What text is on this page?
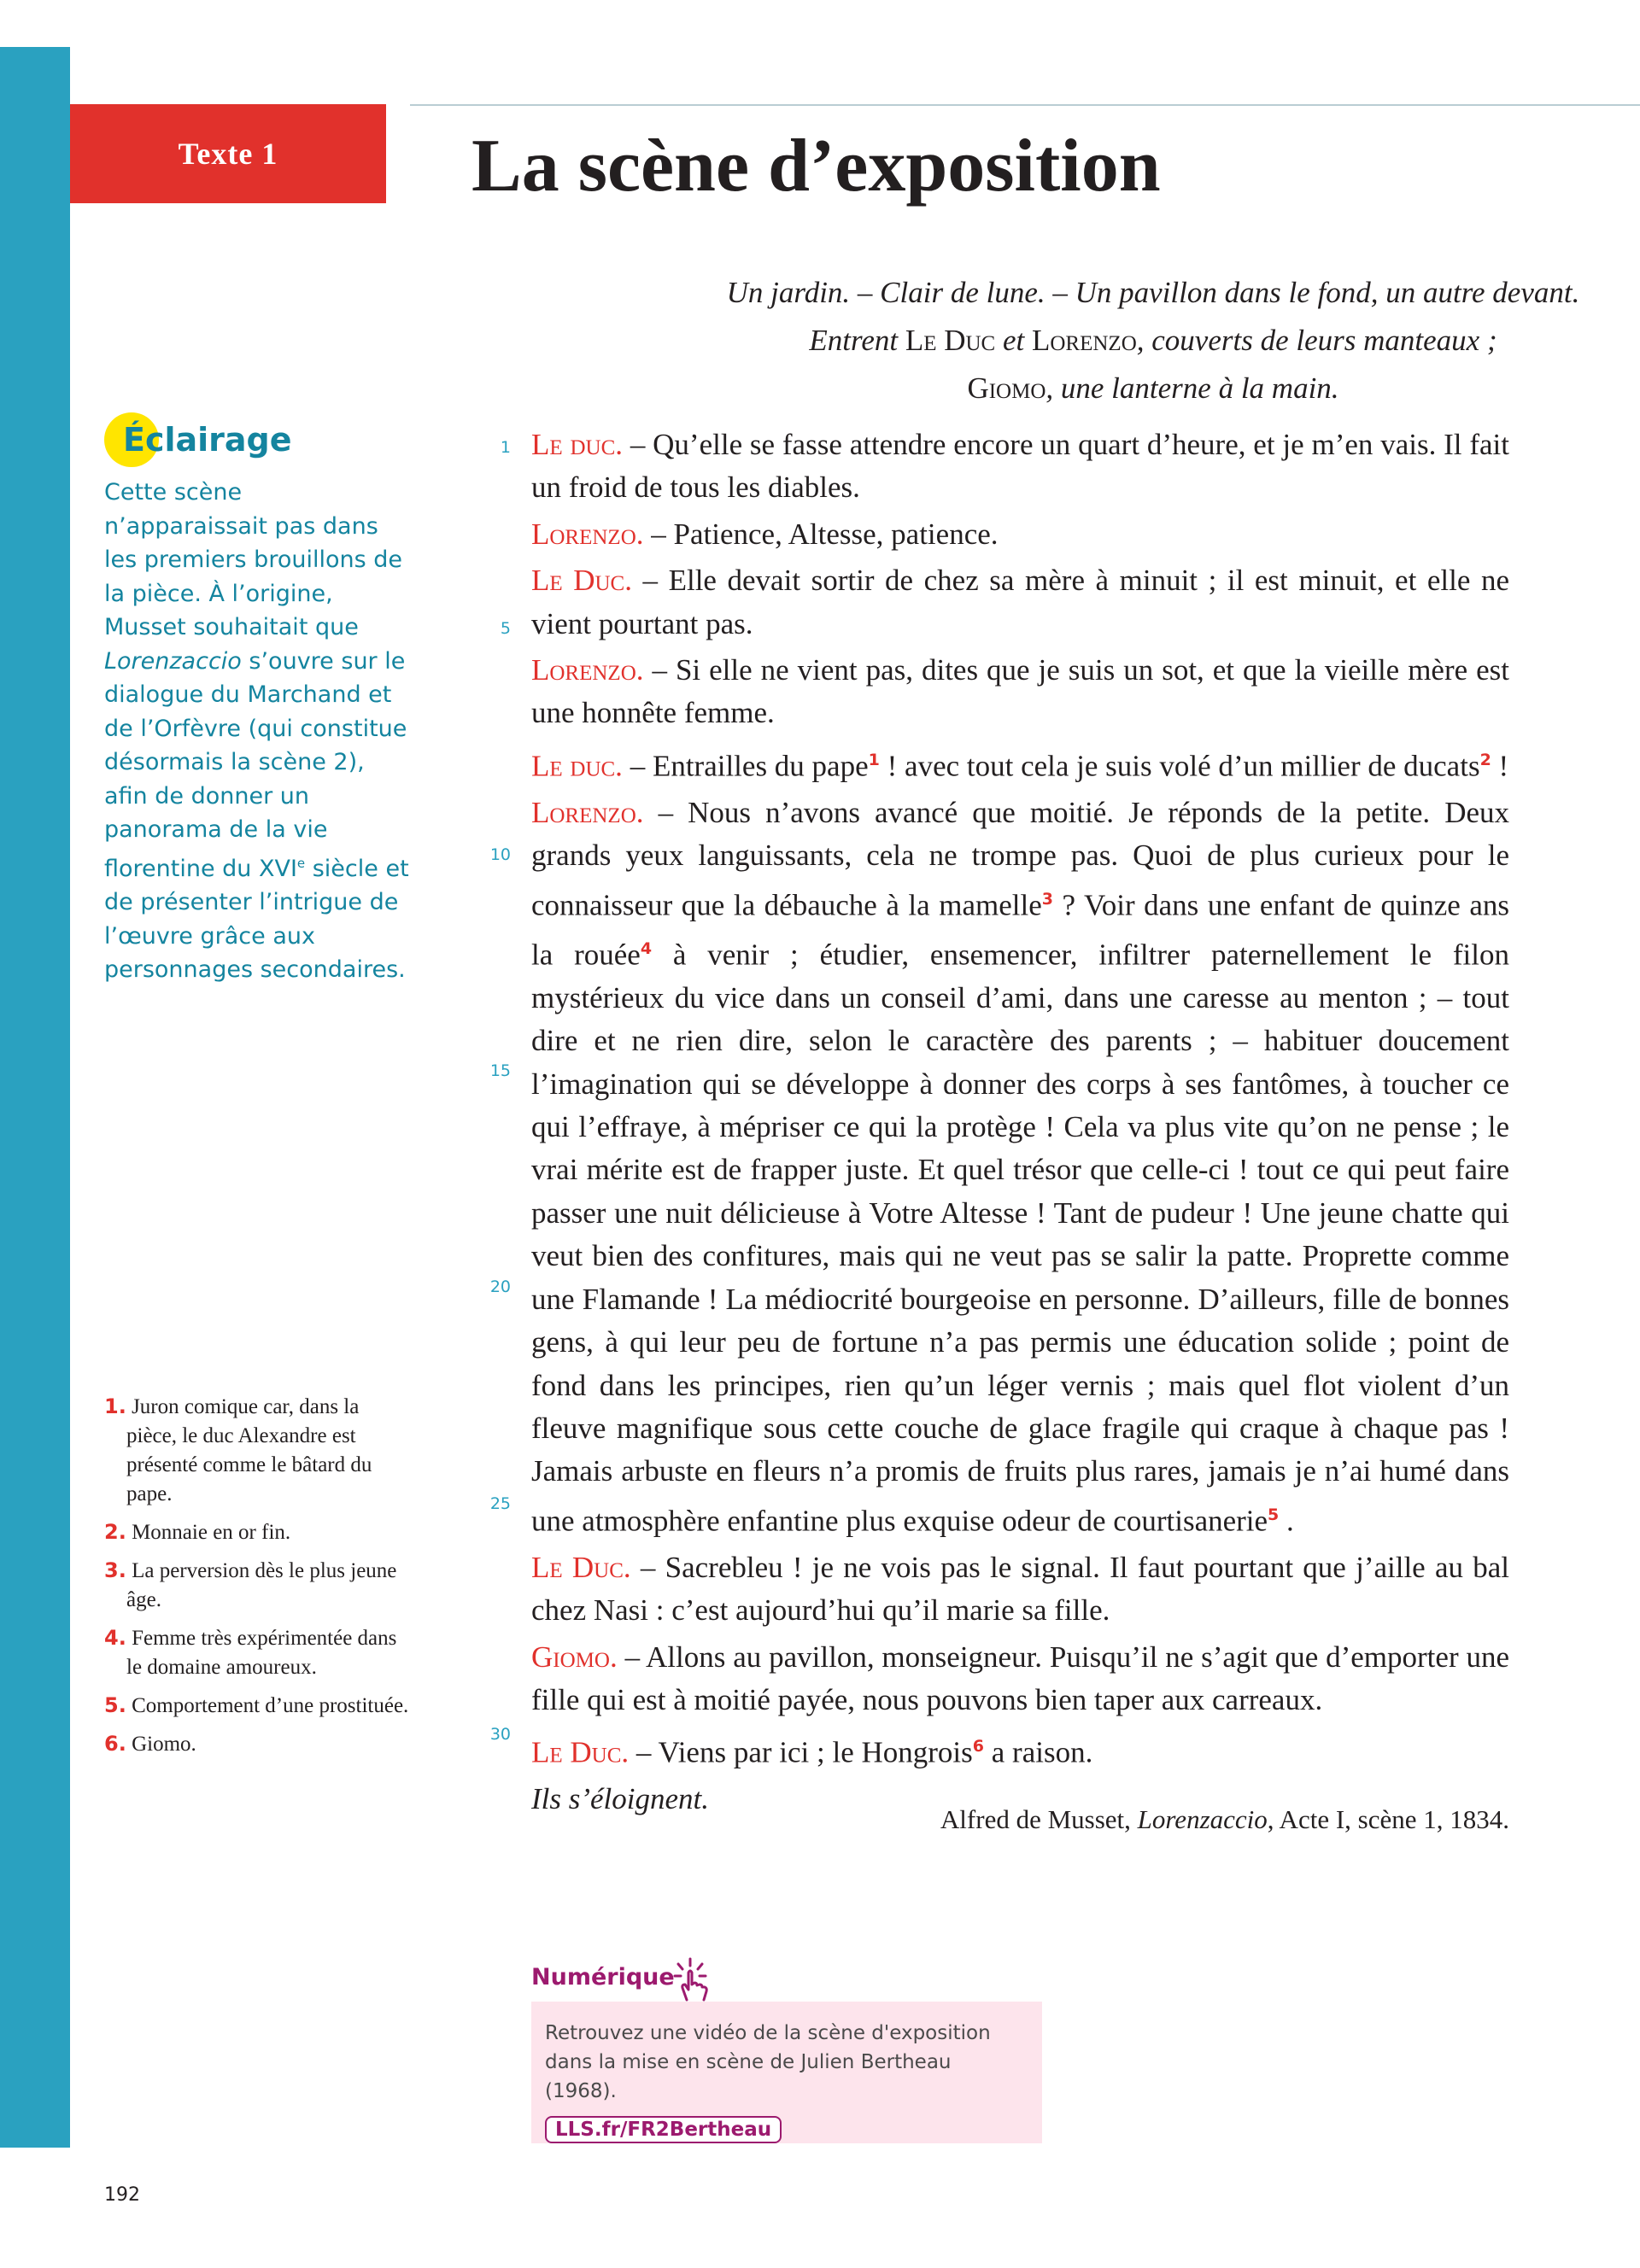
Texte 1	La scène d’exposition
Un jardin. – Clair de lune. – Un pavillon dans le fond, un autre devant.
Entrent Le Duc et Lorenzo, couverts de leurs manteaux ;
Giomo, une lanterne à la main.
Éclairage
Cette scène n’apparaissait pas dans les premiers brouillons de la pièce. À l’origine, Musset souhaitait que Lorenzaccio s’ouvre sur le dialogue du Marchand et de l’Orfèvre (qui constitue désormais la scène 2), afin de donner un panorama de la vie florentine du XVIe siècle et de présenter l’intrigue de l’œuvre grâce aux personnages secondaires.
1. Juron comique car, dans la pièce, le duc Alexandre est présenté comme le bâtard du pape.
2. Monnaie en or fin.
3. La perversion dès le plus jeune âge.
4. Femme très expérimentée dans le domaine amoureux.
5. Comportement d’une prostituée.
6. Giomo.
1
5
10
15
20
25
30
Le duc. – Qu’elle se fasse attendre encore un quart d’heure, et je m’en vais. Il fait un froid de tous les diables.
Lorenzo. – Patience, Altesse, patience.
Le Duc. – Elle devait sortir de chez sa mère à minuit ; il est minuit, et elle ne vient pourtant pas.
Lorenzo. – Si elle ne vient pas, dites que je suis un sot, et que la vieille mère est une honnête femme.
Le duc. – Entrailles du pape$^1$ ! avec tout cela je suis volé d’un millier de ducats$^2$ !
Lorenzo. – Nous n’avons avancé que moitié. Je réponds de la petite. Deux grands yeux languissants, cela ne trompe pas. Quoi de plus curieux pour le connaisseur que la débauche à la mamelle$^3$ ? Voir dans une enfant de quinze ans la rouée$^4$ à venir ; étudier, ensemencer, infiltrer paternellement le filon mystérieux du vice dans un conseil d’ami, dans une caresse au menton ; – tout dire et ne rien dire, selon le caractère des parents ; – habituer doucement l’imagination qui se développe à donner des corps à ses fantômes, à toucher ce qui l’effraye, à mépriser ce qui la protège ! Cela va plus vite qu’on ne pense ; le vrai mérite est de frapper juste. Et quel trésor que celle-ci ! tout ce qui peut faire passer une nuit délicieuse à Votre Altesse ! Tant de pudeur ! Une jeune chatte qui veut bien des confitures, mais qui ne veut pas se salir la patte. Proprette comme une Flamande ! La médiocrité bourgeoise en personne. D’ailleurs, fille de bonnes gens, à qui leur peu de fortune n’a pas permis une éducation solide ; point de fond dans les principes, rien qu’un léger vernis ; mais quel flot violent d’un fleuve magnifique sous cette couche de glace fragile qui craque à chaque pas ! Jamais arbuste en fleurs n’a promis de fruits plus rares, jamais je n’ai humé dans une atmosphère enfantine plus exquise odeur de courtisanerie$^5$ .
Le Duc. – Sacrebleu ! je ne vois pas le signal. Il faut pourtant que j’aille au bal chez Nasi : c’est aujourd’hui qu’il marie sa fille.
Giomo. – Allons au pavillon, monseigneur. Puisqu’il ne s’agit que d’emporter une fille qui est à moitié payée, nous pouvons bien taper aux carreaux.
Le Duc. – Viens par ici ; le Hongrois$^6$ a raison.
Ils s’éloignent.
Alfred de Musset, Lorenzaccio, Acte I, scène 1, 1834.
Numérique
Retrouvez une vidéo de la scène d'exposition dans la mise en scène de Julien Bertheau (1968).
LLS.fr/FR2Bertheau
192
